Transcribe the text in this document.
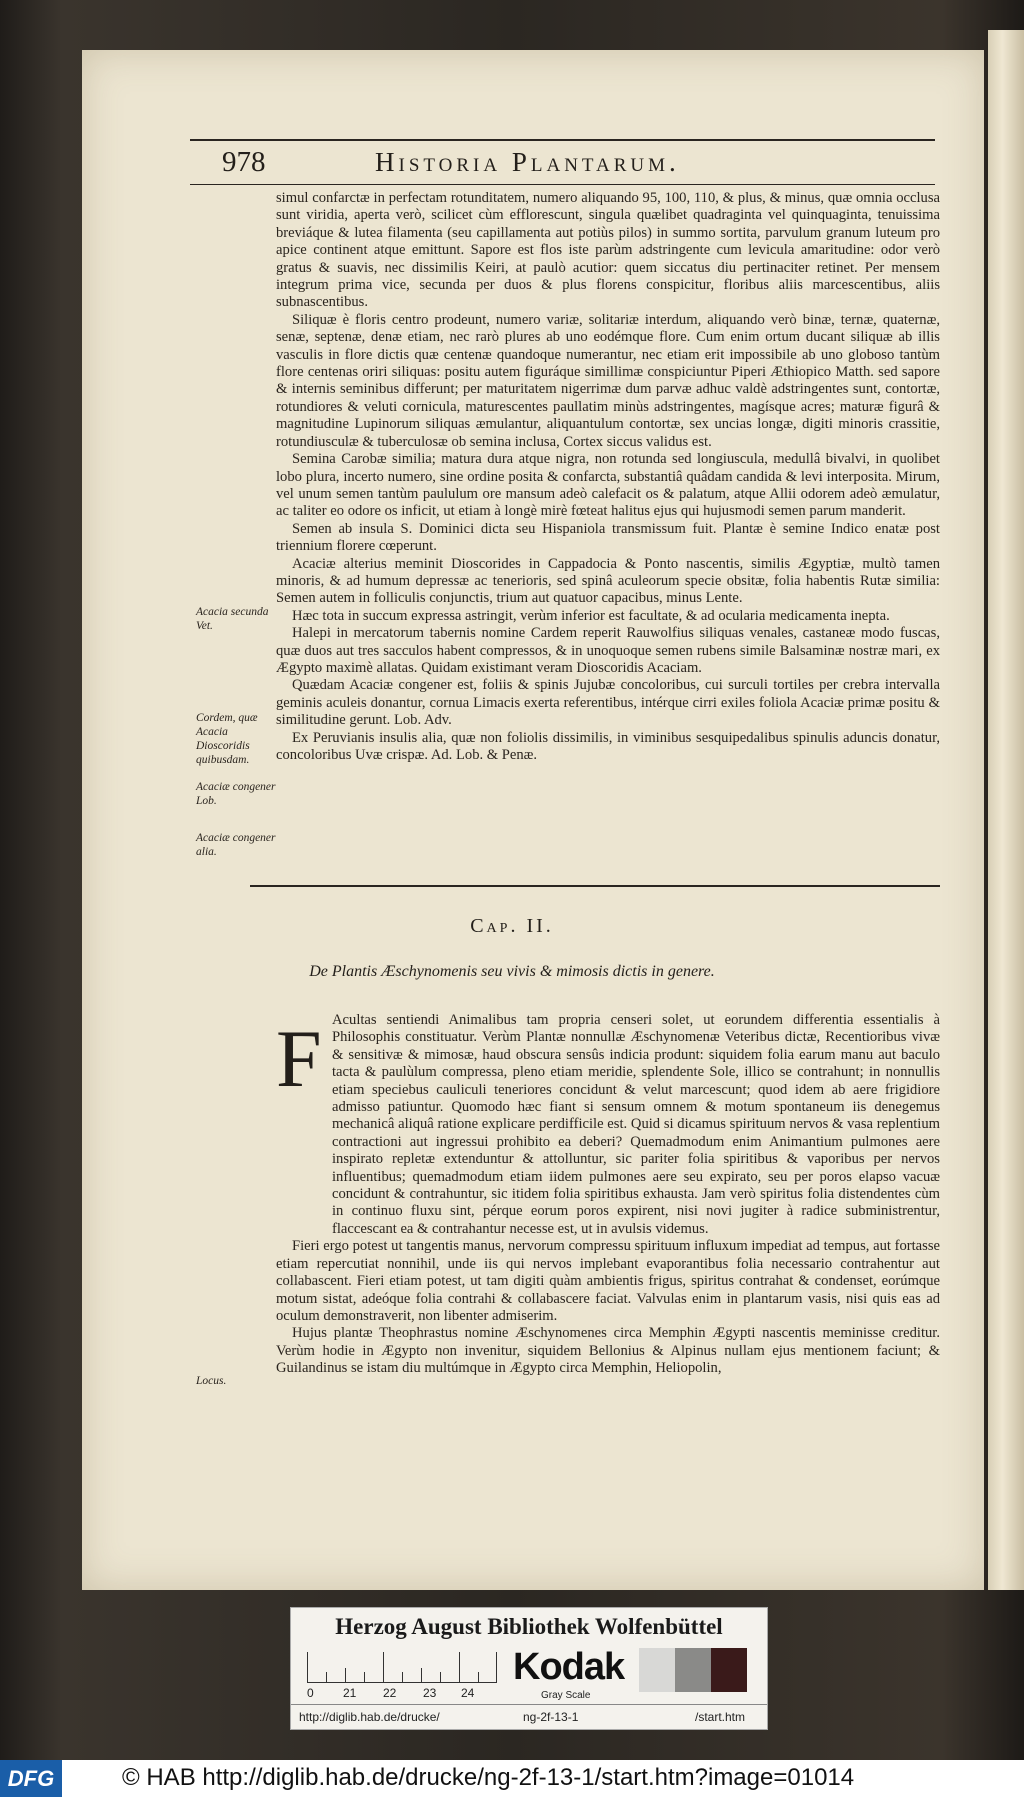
978	Historia Plantarum.

simul confarctæ in perfectam rotunditatem, numero aliquando 95, 100, 110, & plus, & minus, quæ omnia occlusa sunt viridia, aperta verò, scilicet cùm efflorescunt, singula quælibet quadraginta vel quinquaginta, tenuissima breviáque & lutea filamenta (seu capillamenta aut potiùs pilos) in summo sortita, parvulum granum luteum pro apice continent atque emittunt. Sapore est flos iste parùm adstringente cum levicula amaritudine: odor verò gratus & suavis, nec dissimilis Keiri, at paulò acutior: quem siccatus diu pertinaciter retinet. Per mensem integrum prima vice, secunda per duos & plus florens conspicitur, floribus aliis marcescentibus, aliis subnascentibus.

Siliquæ è floris centro prodeunt, numero variæ, solitariæ interdum, aliquando verò binæ, ternæ, quaternæ, senæ, septenæ, denæ etiam, nec rarò plures ab uno eodémque flore. Cum enim ortum ducant siliquæ ab illis vasculis in flore dictis quæ centenæ quandoque numerantur, nec etiam erit impossibile ab uno globoso tantùm flore centenas oriri siliquas: positu autem figuráque simillimæ conspiciuntur Piperi Æthiopico Matth. sed sapore & internis seminibus differunt; per maturitatem nigerrimæ dum parvæ adhuc valdè adstringentes sunt, contortæ, rotundiores & veluti cornicula, maturescentes paullatim minùs adstringentes, magísque acres; maturæ figurâ & magnitudine Lupinorum siliquas æmulantur, aliquantulum contortæ, sex uncias longæ, digiti minoris crassitie, rotundiusculæ & tuberculosæ ob semina inclusa, Cortex siccus validus est.

Semina Carobæ similia; matura dura atque nigra, non rotunda sed longiuscula, medullâ bivalvi, in quolibet lobo plura, incerto numero, sine ordine posita & confarcta, substantiâ quâdam candida & levi interposita. Mirum, vel unum semen tantùm paululum ore mansum adeò calefacit os & palatum, atque Allii odorem adeò æmulatur, ac taliter eo odore os inficit, ut etiam à longè mirè fœteat halitus ejus qui hujusmodi semen parum manderit.

Semen ab insula S. Dominici dicta seu Hispaniola transmissum fuit. Plantæ è semine Indico enatæ post triennium florere cœperunt.

Acaciæ alterius meminit Dioscorides in Cappadocia & Ponto nascentis, similis Ægyptiæ, multò tamen minoris, & ad humum depressæ ac tenerioris, sed spinâ aculeorum specie obsitæ, folia habentis Rutæ similia: Semen autem in folliculis conjunctis, trium aut quatuor capacibus, minus Lente.

Hæc tota in succum expressa astringit, verùm inferior est facultate, & ad ocularia medicamenta inepta.

Halepi in mercatorum tabernis nomine Cardem reperit Rauwolfius siliquas venales, castaneæ modo fuscas, quæ duos aut tres sacculos habent compressos, & in unoquoque semen rubens simile Balsaminæ nostræ mari, ex Ægypto maximè allatas. Quidam existimant veram Dioscoridis Acaciam.

Quædam Acaciæ congener est, foliis & spinis Jujubæ concoloribus, cui surculi tortiles per crebra intervalla geminis aculeis donantur, cornua Limacis exerta referentibus, intérque cirri exiles foliola Acaciæ primæ positu & similitudine gerunt. Lob. Adv.

Ex Peruvianis insulis alia, quæ non foliolis dissimilis, in viminibus sesquipedalibus spinulis aduncis donatur, concoloribus Uvæ crispæ. Ad. Lob. & Penæ.

Acacia secunda Vet.
Cordem, quæ Acacia Dioscoridis quibusdam.
Acaciæ congener Lob.
Acaciæ congener alia.
Locus.
Cap. II.
De Plantis Æschynomenis seu vivis & mimosis dictis in genere.
F Acultas sentiendi Animalibus tam propria censeri solet, ut eorundem differentia essentialis à Philosophis constituatur. Verùm Plantæ nonnullæ Æschynomenæ Veteribus dictæ, Recentioribus vivæ & sensitivæ & mimosæ, haud obscura sensûs indicia produnt: siquidem folia earum manu aut baculo tacta & paulùlum compressa, pleno etiam meridie, splendente Sole, illico se contrahunt; in nonnullis etiam speciebus cauliculi teneriores concidunt & velut marcescunt; quod idem ab aere frigidiore admisso patiuntur. Quomodo hæc fiant si sensum omnem & motum spontaneum iis denegemus mechanicâ aliquâ ratione explicare perdifficile est. Quid si dicamus spirituum nervos & vasa replentium contractioni aut ingressui prohibito ea deberi? Quemadmodum enim Animantium pulmones aere inspirato repletæ extenduntur & attolluntur, sic pariter folia spiritibus & vaporibus per nervos influentibus; quemadmodum etiam iidem pulmones aere seu expirato, seu per poros elapso vacuæ concidunt & contrahuntur, sic itidem folia spiritibus exhausta. Jam verò spiritus folia distendentes cùm in continuo fluxu sint, pérque eorum poros expirent, nisi novi jugiter à radice subministrentur, flaccescant ea & contrahantur necesse est, ut in avulsis videmus.

Fieri ergo potest ut tangentis manus, nervorum compressu spirituum influxum impediat ad tempus, aut fortasse etiam repercutiat nonnihil, unde iis qui nervos implebant evaporantibus folia necessario contrahentur aut collabascent. Fieri etiam potest, ut tam digiti quàm ambientis frigus, spiritus contrahat & condenset, eorúmque motum sistat, adeóque folia contrahi & collabascere faciat. Valvulas enim in plantarum vasis, nisi quis eas ad oculum demonstraverit, non libenter admiserim.

Hujus plantæ Theophrastus nomine Æschynomenes circa Memphin Ægypti nascentis meminisse creditur. Verùm hodie in Ægypto non invenitur, siquidem Bellonius & Alpinus nullam ejus mentionem faciunt; & Guilandinus se istam diu multúmque in Ægypto circa Memphin, Heliopolin,

Herzog August Bibliothek Wolfenbüttel
0 21 22 23 24
Kodak
Gray Scale
http://diglib.hab.de/drucke/	ng-2f-13-1	/start.htm
DFG	© HAB http://diglib.hab.de/drucke/ng-2f-13-1/start.htm?image=01014
